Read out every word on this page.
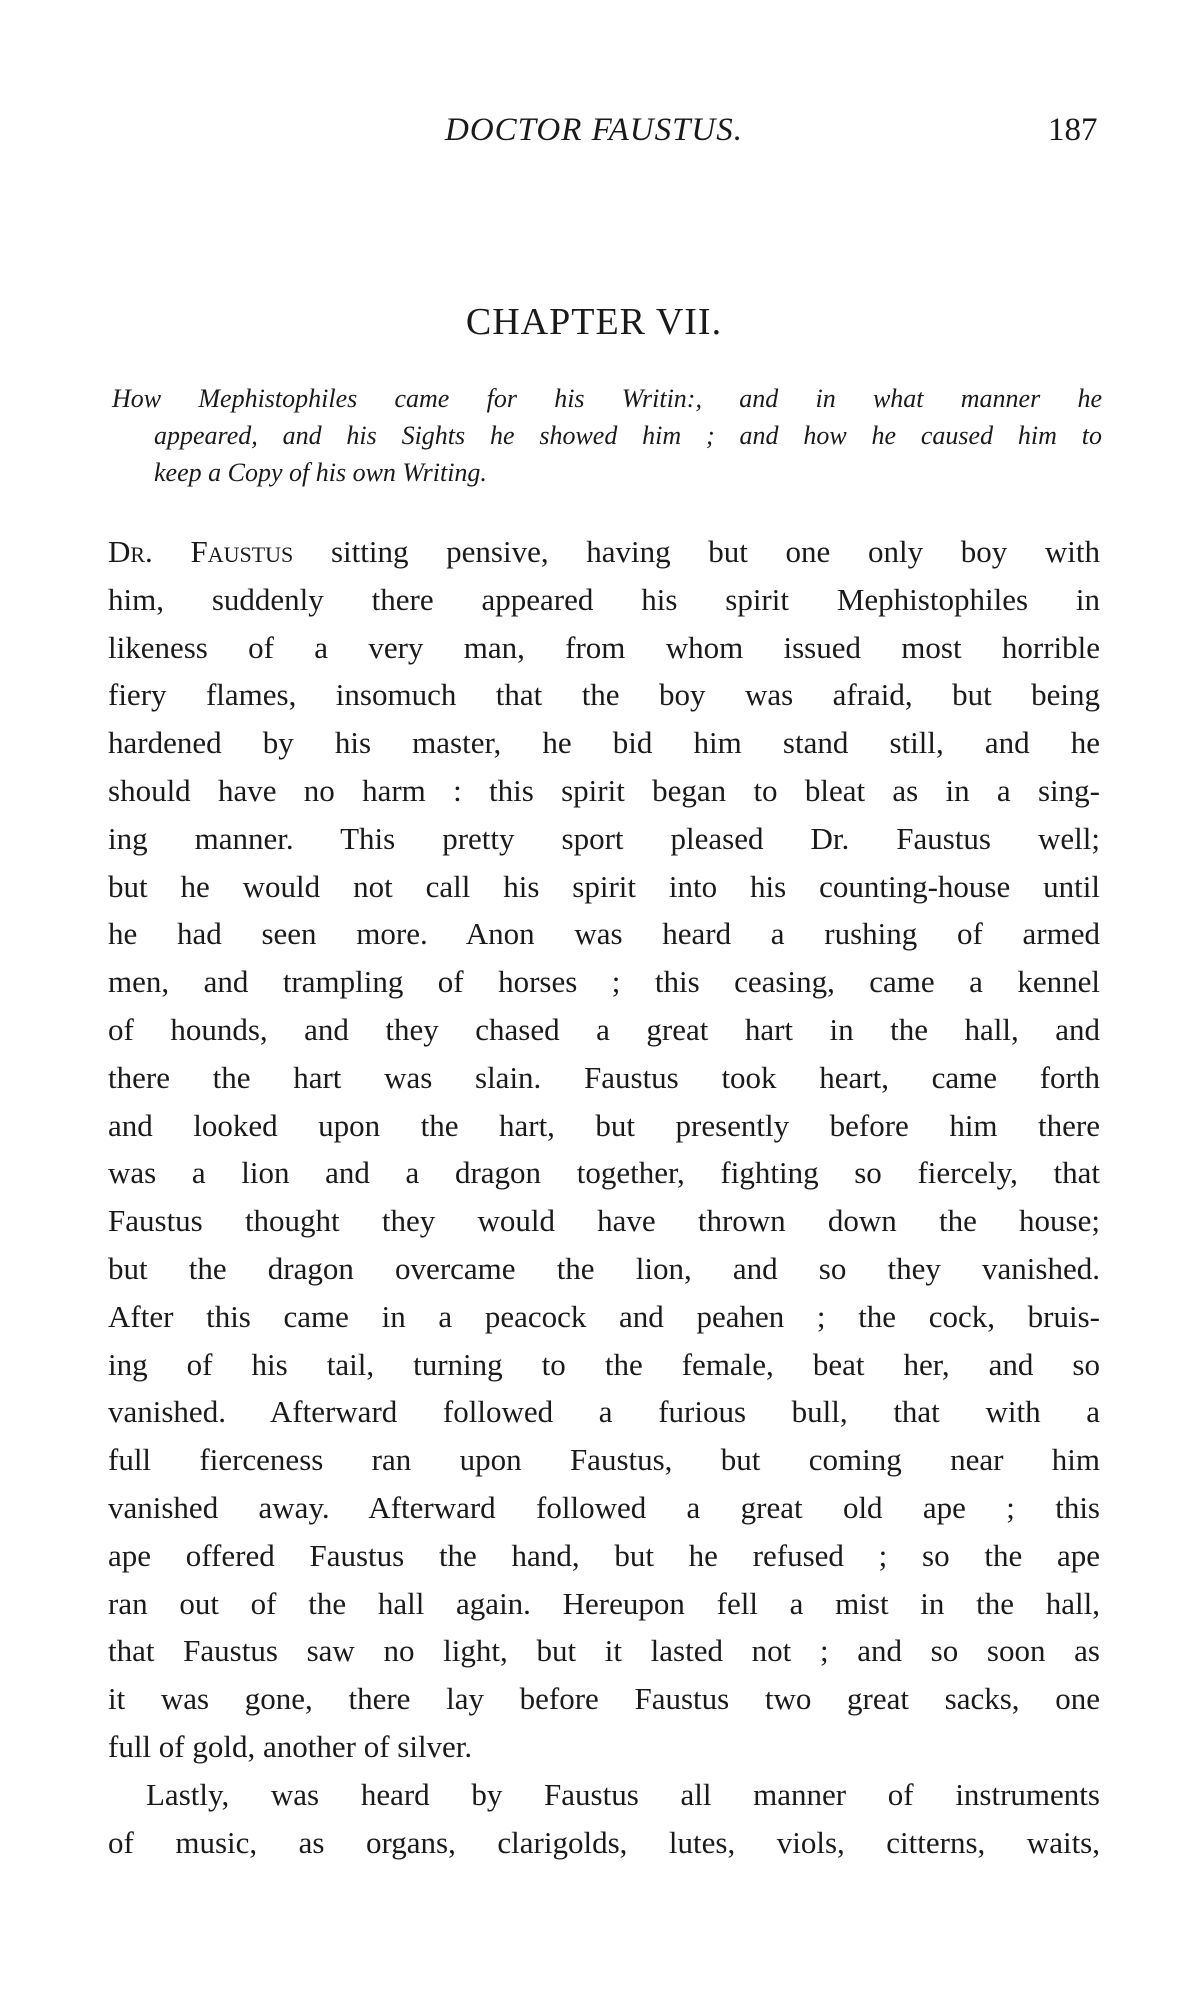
DOCTOR FAUSTUS.	187
CHAPTER VII.
How Mephistophiles came for his Writin:, and in what manner he
appeared, and his Sights he showed him ; and how he caused him to
keep a Copy of his own Writing.
Dr. Faustus sitting pensive, having but one only boy with
him, suddenly there appeared his spirit Mephistophiles in
likeness of a very man, from whom issued most horrible
fiery flames, insomuch that the boy was afraid, but being
hardened by his master, he bid him stand still, and he
should have no harm : this spirit began to bleat as in a sing-
ing manner. This pretty sport pleased Dr. Faustus well;
but he would not call his spirit into his counting-house until
he had seen more. Anon was heard a rushing of armed
men, and trampling of horses ; this ceasing, came a kennel
of hounds, and they chased a great hart in the hall, and
there the hart was slain. Faustus took heart, came forth
and looked upon the hart, but presently before him there
was a lion and a dragon together, fighting so fiercely, that
Faustus thought they would have thrown down the house;
but the dragon overcame the lion, and so they vanished.
After this came in a peacock and peahen ; the cock, bruis-
ing of his tail, turning to the female, beat her, and so
vanished. Afterward followed a furious bull, that with a
full fierceness ran upon Faustus, but coming near him
vanished away. Afterward followed a great old ape ; this
ape offered Faustus the hand, but he refused ; so the ape
ran out of the hall again. Hereupon fell a mist in the hall,
that Faustus saw no light, but it lasted not ; and so soon as
it was gone, there lay before Faustus two great sacks, one
full of gold, another of silver.
Lastly, was heard by Faustus all manner of instruments
of music, as organs, clarigolds, lutes, viols, citterns, waits,
